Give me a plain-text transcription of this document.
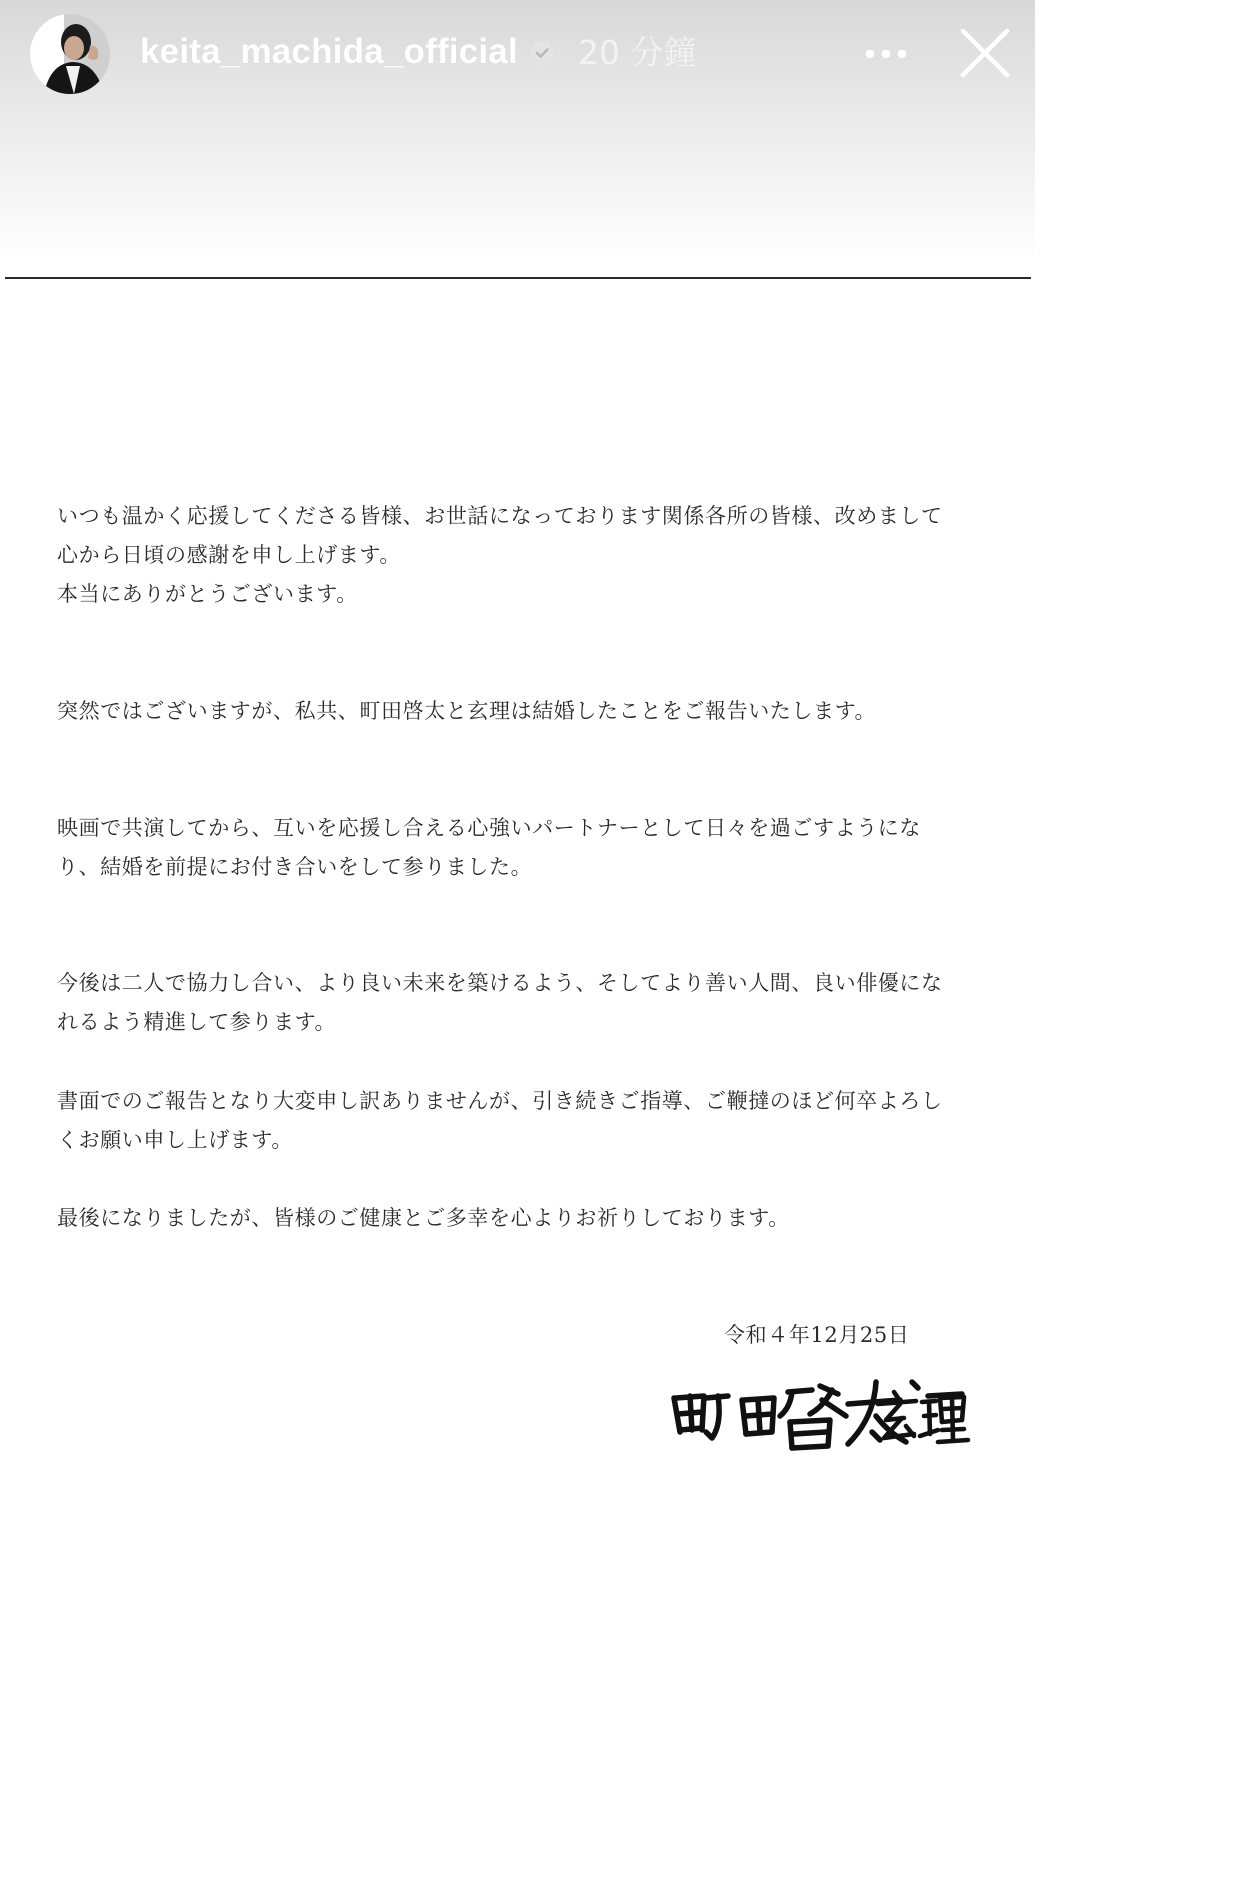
keita_machida_official 20 分鐘
いつも温かく応援してくださる皆様、お世話になっております関係各所の皆様、改めまして
心から日頃の感謝を申し上げます。
本当にありがとうございます。
突然ではございますが、私共、町田啓太と玄理は結婚したことをご報告いたします。
映画で共演してから、互いを応援し合える心強いパートナーとして日々を過ごすようにな
り、結婚を前提にお付き合いをして参りました。
今後は二人で協力し合い、より良い未来を築けるよう、そしてより善い人間、良い俳優にな
れるよう精進して参ります。
書面でのご報告となり大変申し訳ありませんが、引き続きご指導、ご鞭撻のほど何卒よろし
くお願い申し上げます。
最後になりましたが、皆様のご健康とご多幸を心よりお祈りしております。
令和４年12月25日
